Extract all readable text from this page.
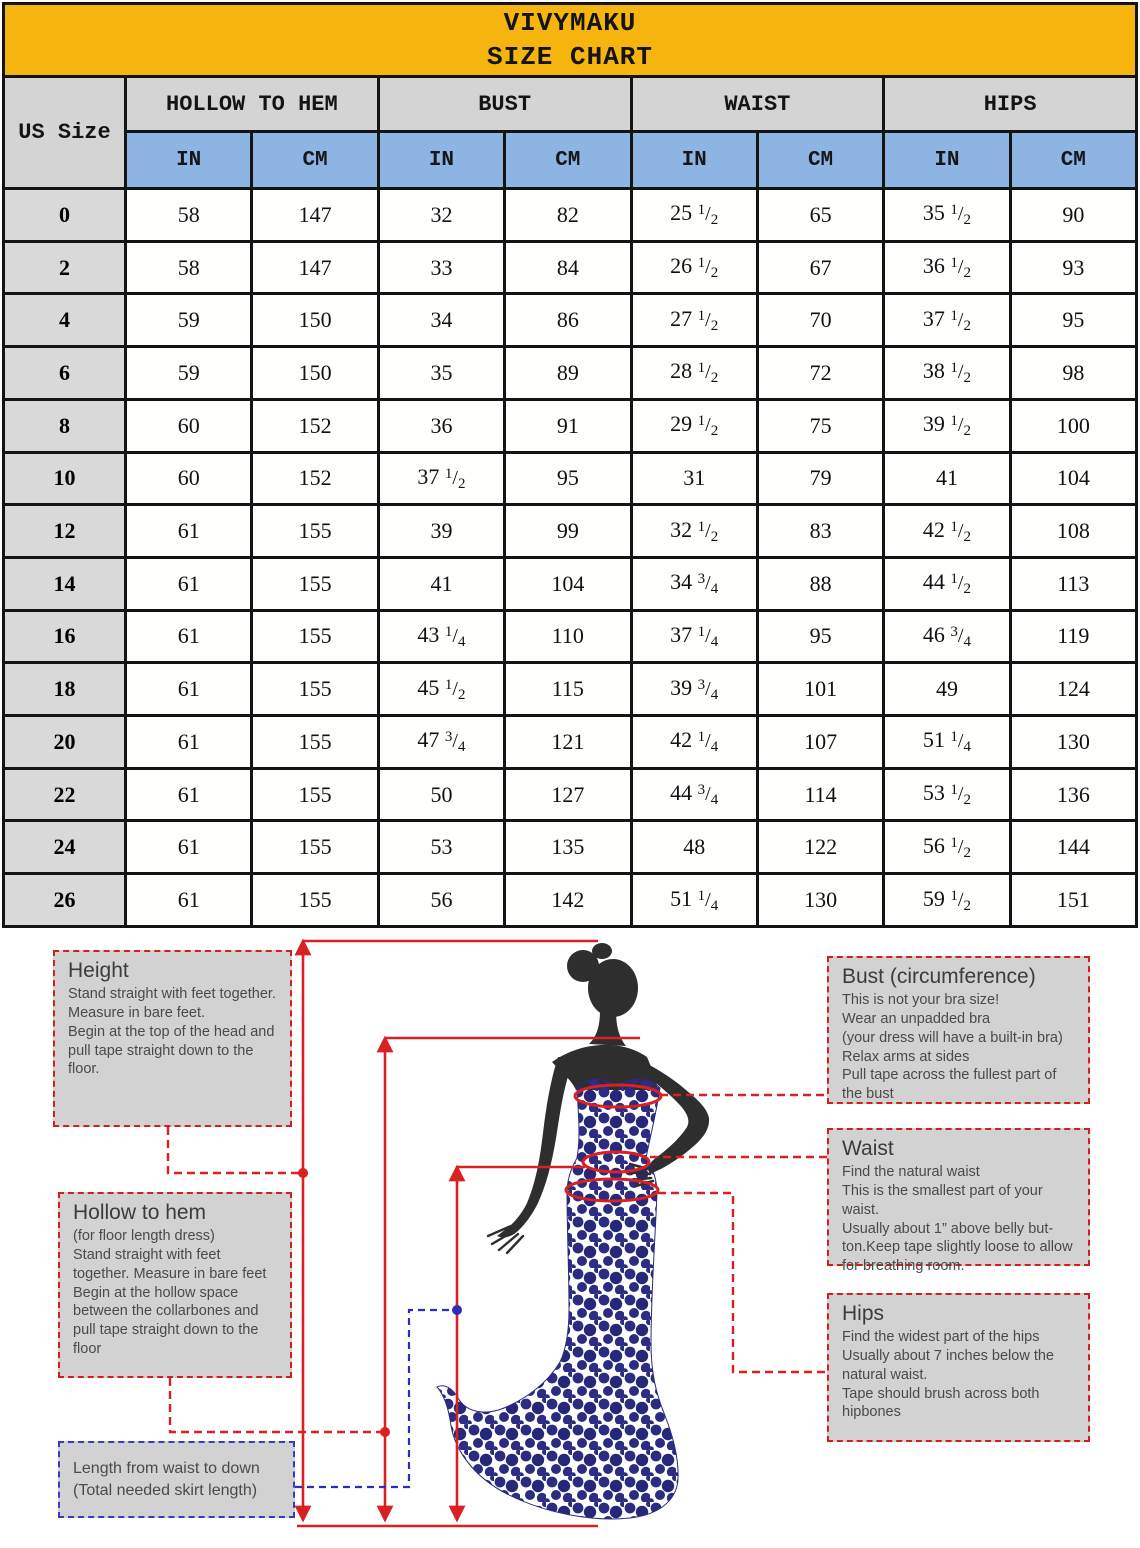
VIVYMAKU
SIZE CHART								

US Size	HOLLOW TO HEM		BUST		WAIST		HIPS	
	IN	CM	IN	CM	IN	CM	IN	CM
0	58	147	32	82	25 $^1/_2$	65	35 $^1/_2$	90
2	58	147	33	84	26 $^1/_2$	67	36 $^1/_2$	93
4	59	150	34	86	27 $^1/_2$	70	37 $^1/_2$	95
6	59	150	35	89	28 $^1/_2$	72	38 $^1/_2$	98
8	60	152	36	91	29 $^1/_2$	75	39 $^1/_2$	100
10	60	152	37 $^1/_2$	95	31	79	41	104
12	61	155	39	99	32 $^1/_2$	83	42 $^1/_2$	108
14	61	155	41	104	34 $^3/_4$	88	44 $^1/_2$	113
16	61	155	43 $^1/_4$	110	37 $^1/_4$	95	46 $^3/_4$	119
18	61	155	45 $^1/_2$	115	39 $^3/_4$	101	49	124
20	61	155	47 $^3/_4$	121	42 $^1/_4$	107	51 $^1/_4$	130
22	61	155	50	127	44 $^3/_4$	114	53 $^1/_2$	136
24	61	155	53	135	48	122	56 $^1/_2$	144
26	61	155	56	142	51 $^1/_4$	130	59 $^1/_2$	151
Height
Stand straight with feet together.
Measure in bare feet.
Begin at the top of the head and pull tape straight down to the floor.
Hollow to hem
(for floor length dress)
Stand straight with feet together. Measure in bare feet
Begin at the hollow space between the collarbones and pull tape straight down to the floor
Length from waist to down
(Total needed skirt length)
Bust (circumference)
This is not your bra size!
Wear an unpadded bra
(your dress will have a built-in bra)
Relax arms at sides
Pull tape across the fullest part of the bust
Waist
Find the natural waist
This is the smallest part of your waist.
Usually about 1” above belly but-ton.Keep tape slightly loose to allow for breathing room.
Hips
Find the widest part of the hips
Usually about 7 inches below the natural waist.
Tape should brush across both hipbones
